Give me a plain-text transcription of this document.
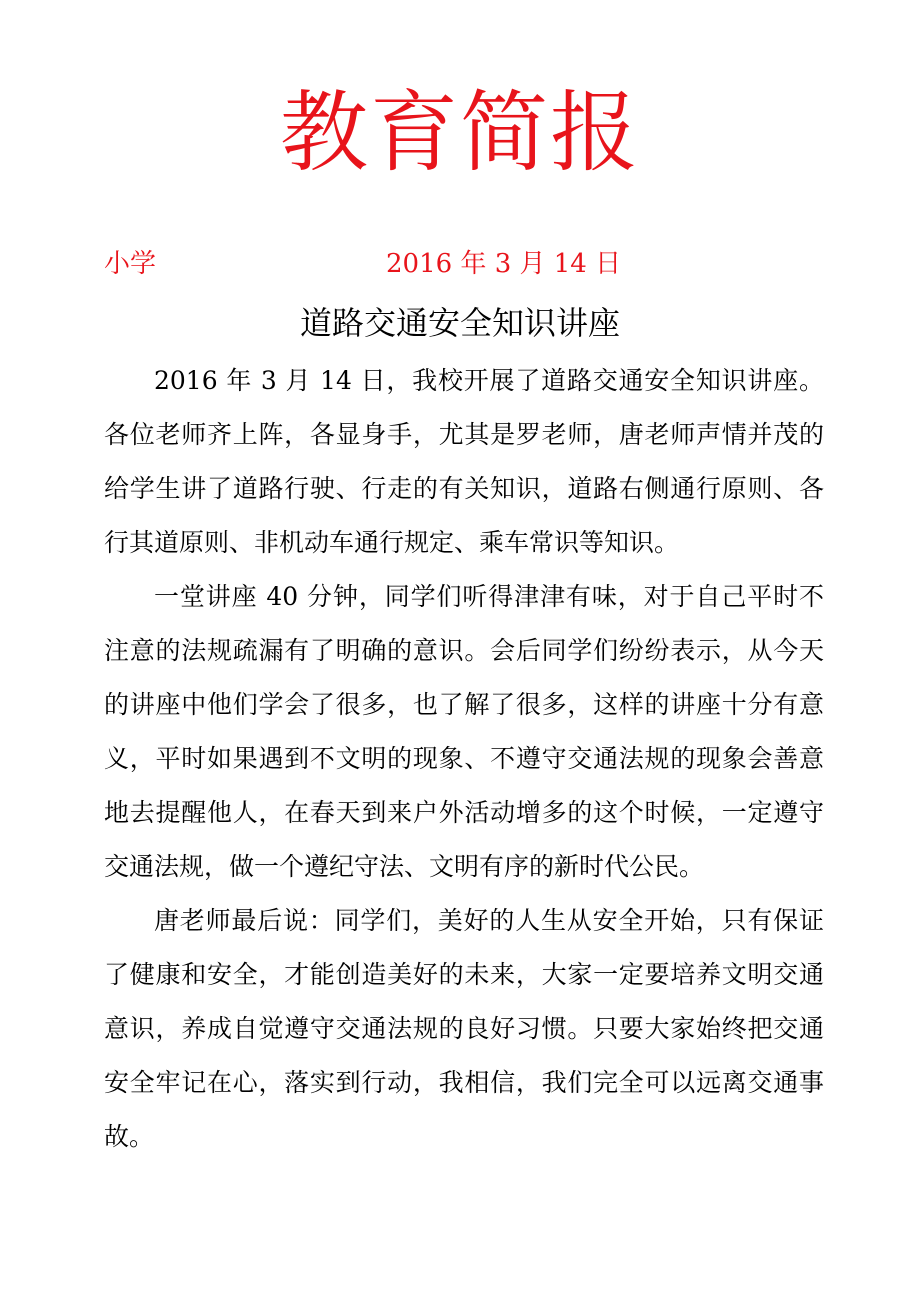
教育简报
小学	2016 年 3 月 14 日
道路交通安全知识讲座

2016 年 3 月 14 日，我校开展了道路交通安全知识讲座。各位老师齐上阵，各显身手，尤其是罗老师，唐老师声情并茂的给学生讲了道路行驶、行走的有关知识，道路右侧通行原则、各行其道原则、非机动车通行规定、乘车常识等知识。

一堂讲座 40 分钟，同学们听得津津有味，对于自己平时不注意的法规疏漏有了明确的意识。会后同学们纷纷表示，从今天的讲座中他们学会了很多，也了解了很多，这样的讲座十分有意义，平时如果遇到不文明的现象、不遵守交通法规的现象会善意地去提醒他人，在春天到来户外活动增多的这个时候，一定遵守交通法规，做一个遵纪守法、文明有序的新时代公民。

唐老师最后说：同学们，美好的人生从安全开始，只有保证了健康和安全，才能创造美好的未来，大家一定要培养文明交通意识，养成自觉遵守交通法规的良好习惯。只要大家始终把交通安全牢记在心，落实到行动，我相信，我们完全可以远离交通事故。
